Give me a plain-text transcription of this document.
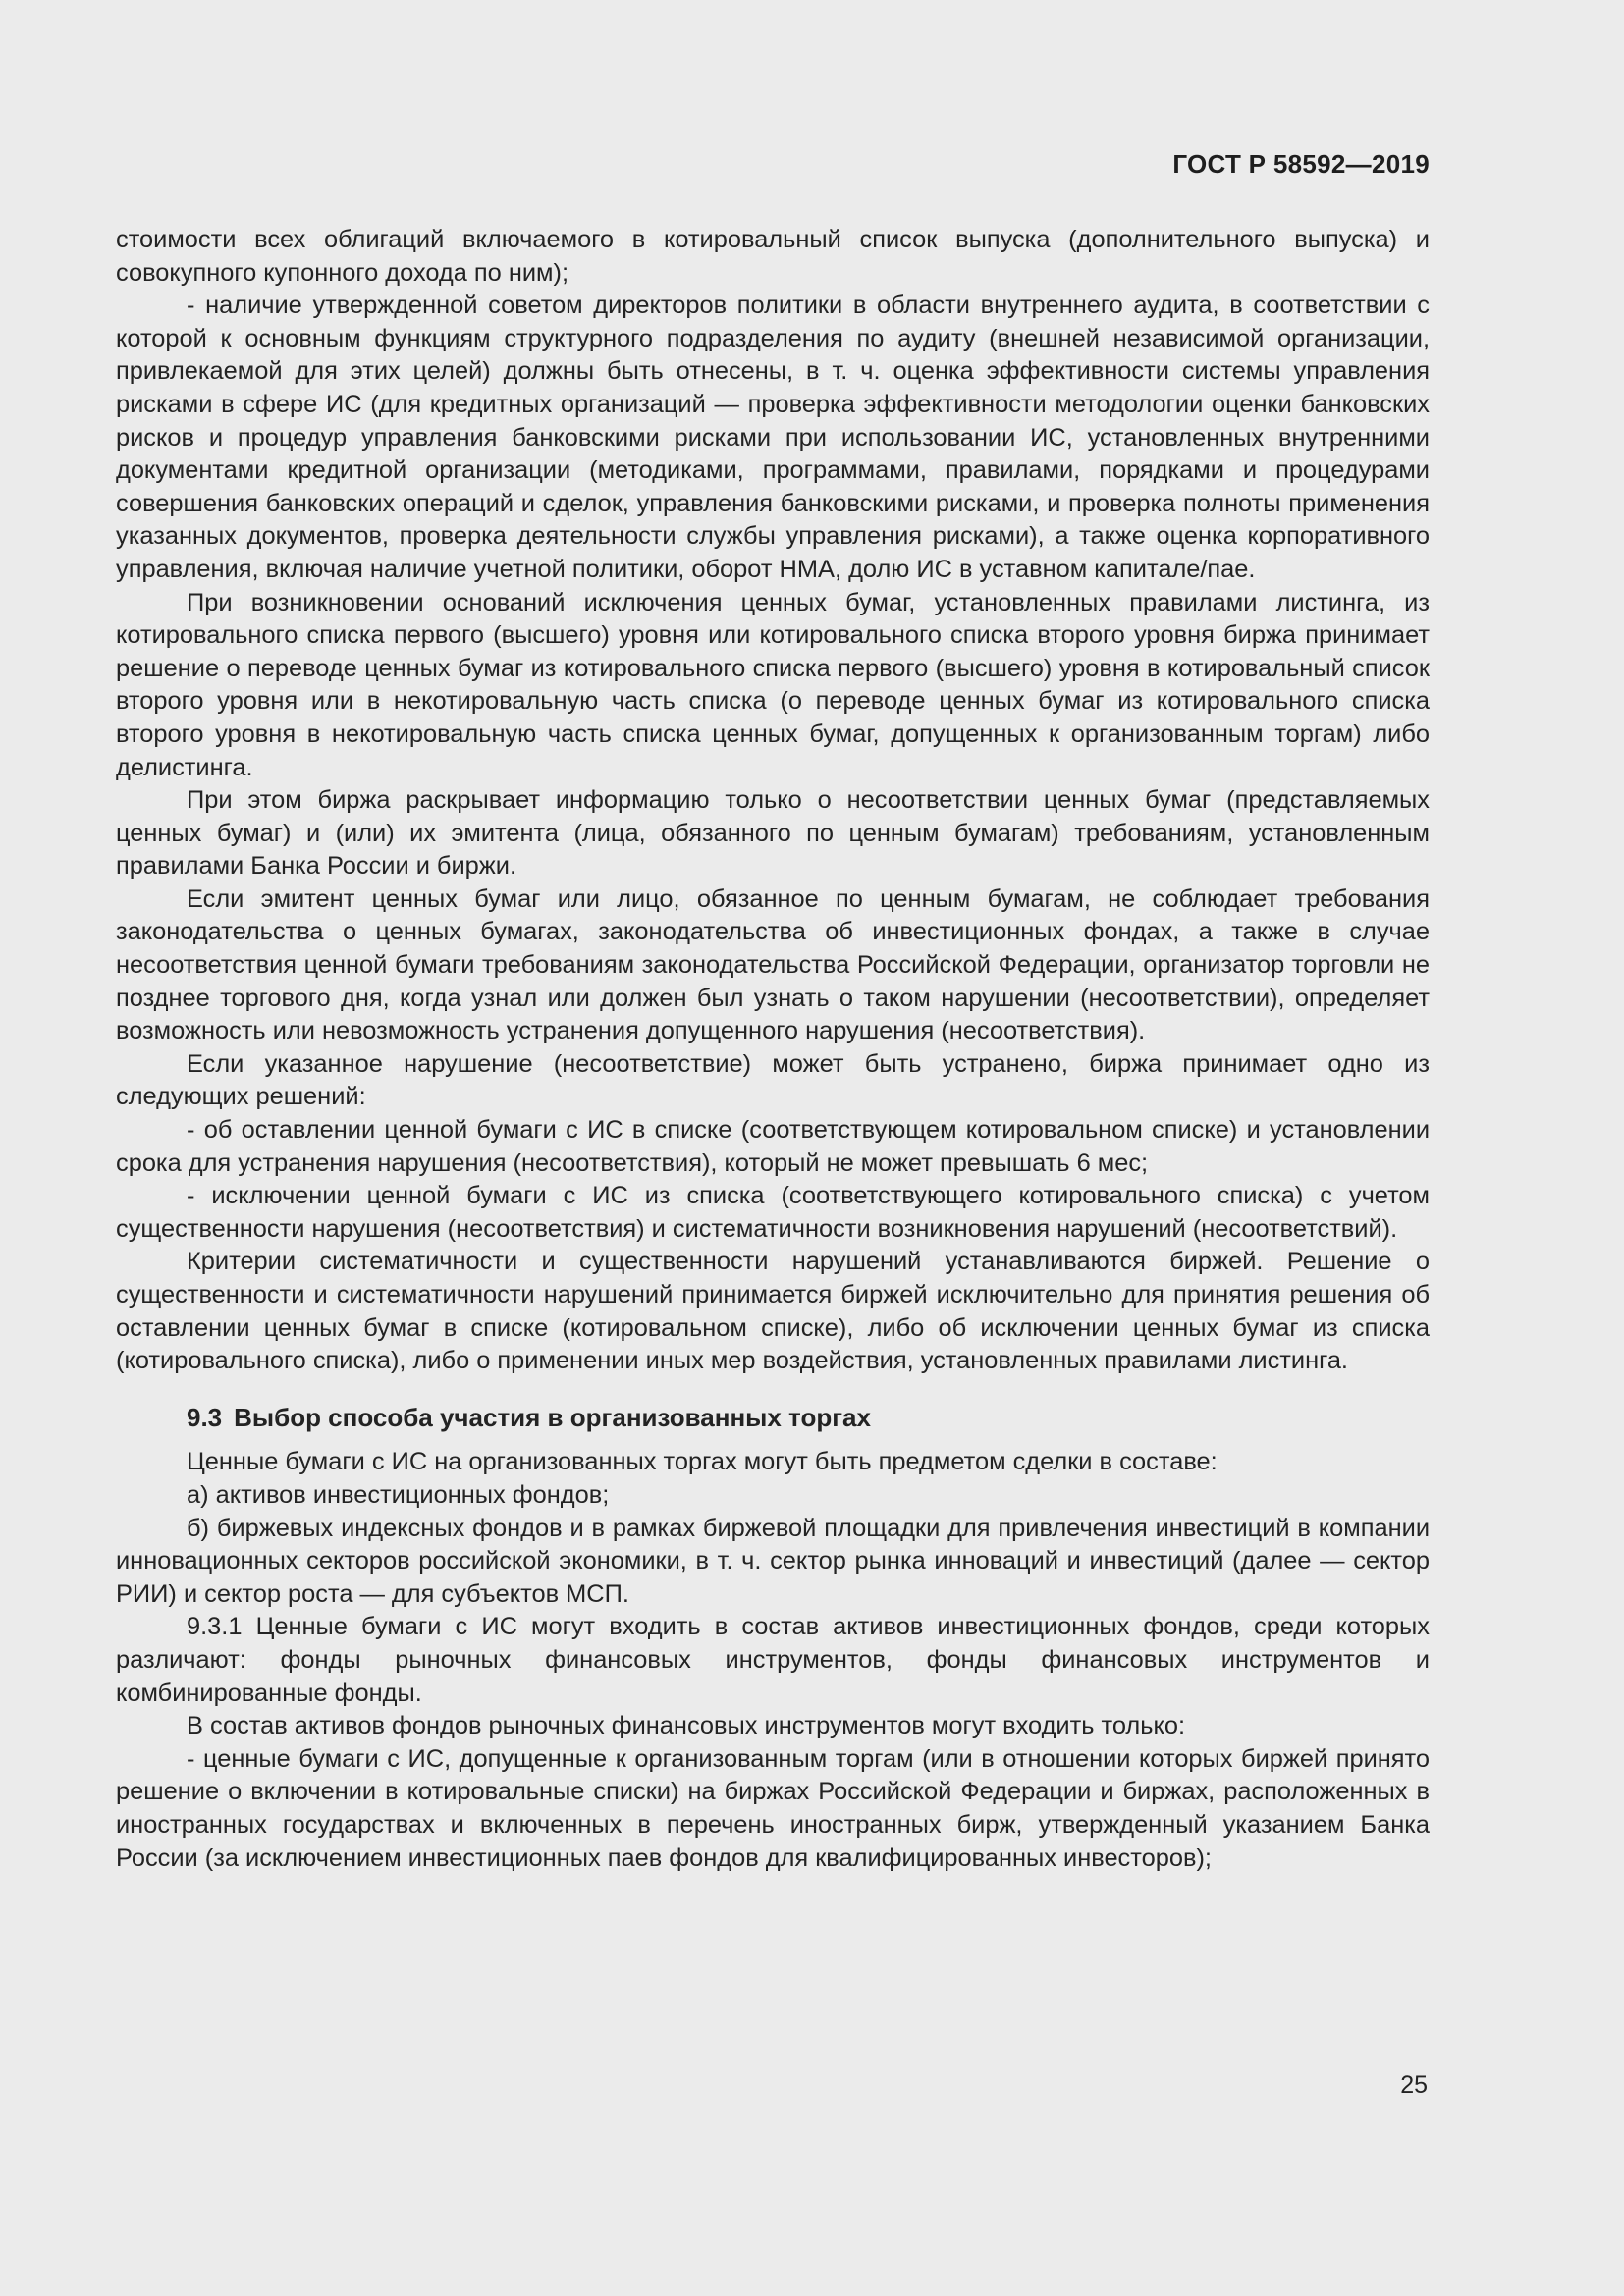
ГОСТ Р 58592—2019

стоимости всех облигаций включаемого в котировальный список выпуска (дополнительного выпуска) и совокупного купонного дохода по ним);

- наличие утвержденной советом директоров политики в области внутреннего аудита, в соответствии с которой к основным функциям структурного подразделения по аудиту (внешней независимой организации, привлекаемой для этих целей) должны быть отнесены, в т. ч. оценка эффективности системы управления рисками в сфере ИС (для кредитных организаций — проверка эффективности методологии оценки банковских рисков и процедур управления банковскими рисками при использовании ИС, установленных внутренними документами кредитной организации (методиками, программами, правилами, порядками и процедурами совершения банковских операций и сделок, управления банковскими рисками, и проверка полноты применения указанных документов, проверка деятельности службы управления рисками), а также оценка корпоративного управления, включая наличие учетной политики, оборот НМА, долю ИС в уставном капитале/пае.

При возникновении оснований исключения ценных бумаг, установленных правилами листинга, из котировального списка первого (высшего) уровня или котировального списка второго уровня биржа принимает решение о переводе ценных бумаг из котировального списка первого (высшего) уровня в котировальный список второго уровня или в некотировальную часть списка (о переводе ценных бумаг из котировального списка второго уровня в некотировальную часть списка ценных бумаг, допущенных к организованным торгам) либо делистинга.

При этом биржа раскрывает информацию только о несоответствии ценных бумаг (представляемых ценных бумаг) и (или) их эмитента (лица, обязанного по ценным бумагам) требованиям, установленным правилами Банка России и биржи.

Если эмитент ценных бумаг или лицо, обязанное по ценным бумагам, не соблюдает требования законодательства о ценных бумагах, законодательства об инвестиционных фондах, а также в случае несоответствия ценной бумаги требованиям законодательства Российской Федерации, организатор торговли не позднее торгового дня, когда узнал или должен был узнать о таком нарушении (несоответствии), определяет возможность или невозможность устранения допущенного нарушения (несоответствия).

Если указанное нарушение (несоответствие) может быть устранено, биржа принимает одно из следующих решений:

- об оставлении ценной бумаги с ИС в списке (соответствующем котировальном списке) и установлении срока для устранения нарушения (несоответствия), который не может превышать 6 мес;

- исключении ценной бумаги с ИС из списка (соответствующего котировального списка) с учетом существенности нарушения (несоответствия) и систематичности возникновения нарушений (несоответствий).

Критерии систематичности и существенности нарушений устанавливаются биржей. Решение о существенности и систематичности нарушений принимается биржей исключительно для принятия решения об оставлении ценных бумаг в списке (котировальном списке), либо об исключении ценных бумаг из списка (котировального списка), либо о применении иных мер воздействия, установленных правилами листинга.

9.3 Выбор способа участия в организованных торгах

Ценные бумаги с ИС на организованных торгах могут быть предметом сделки в составе:

а) активов инвестиционных фондов;

б) биржевых индексных фондов и в рамках биржевой площадки для привлечения инвестиций в компании инновационных секторов российской экономики, в т. ч. сектор рынка инноваций и инвестиций (далее — сектор РИИ) и сектор роста — для субъектов МСП.

9.3.1 Ценные бумаги с ИС могут входить в состав активов инвестиционных фондов, среди которых различают: фонды рыночных финансовых инструментов, фонды финансовых инструментов и комбинированные фонды.

В состав активов фондов рыночных финансовых инструментов могут входить только:

- ценные бумаги с ИС, допущенные к организованным торгам (или в отношении которых биржей принято решение о включении в котировальные списки) на биржах Российской Федерации и биржах, расположенных в иностранных государствах и включенных в перечень иностранных бирж, утвержденный указанием Банка России (за исключением инвестиционных паев фондов для квалифицированных инвесторов);

25
